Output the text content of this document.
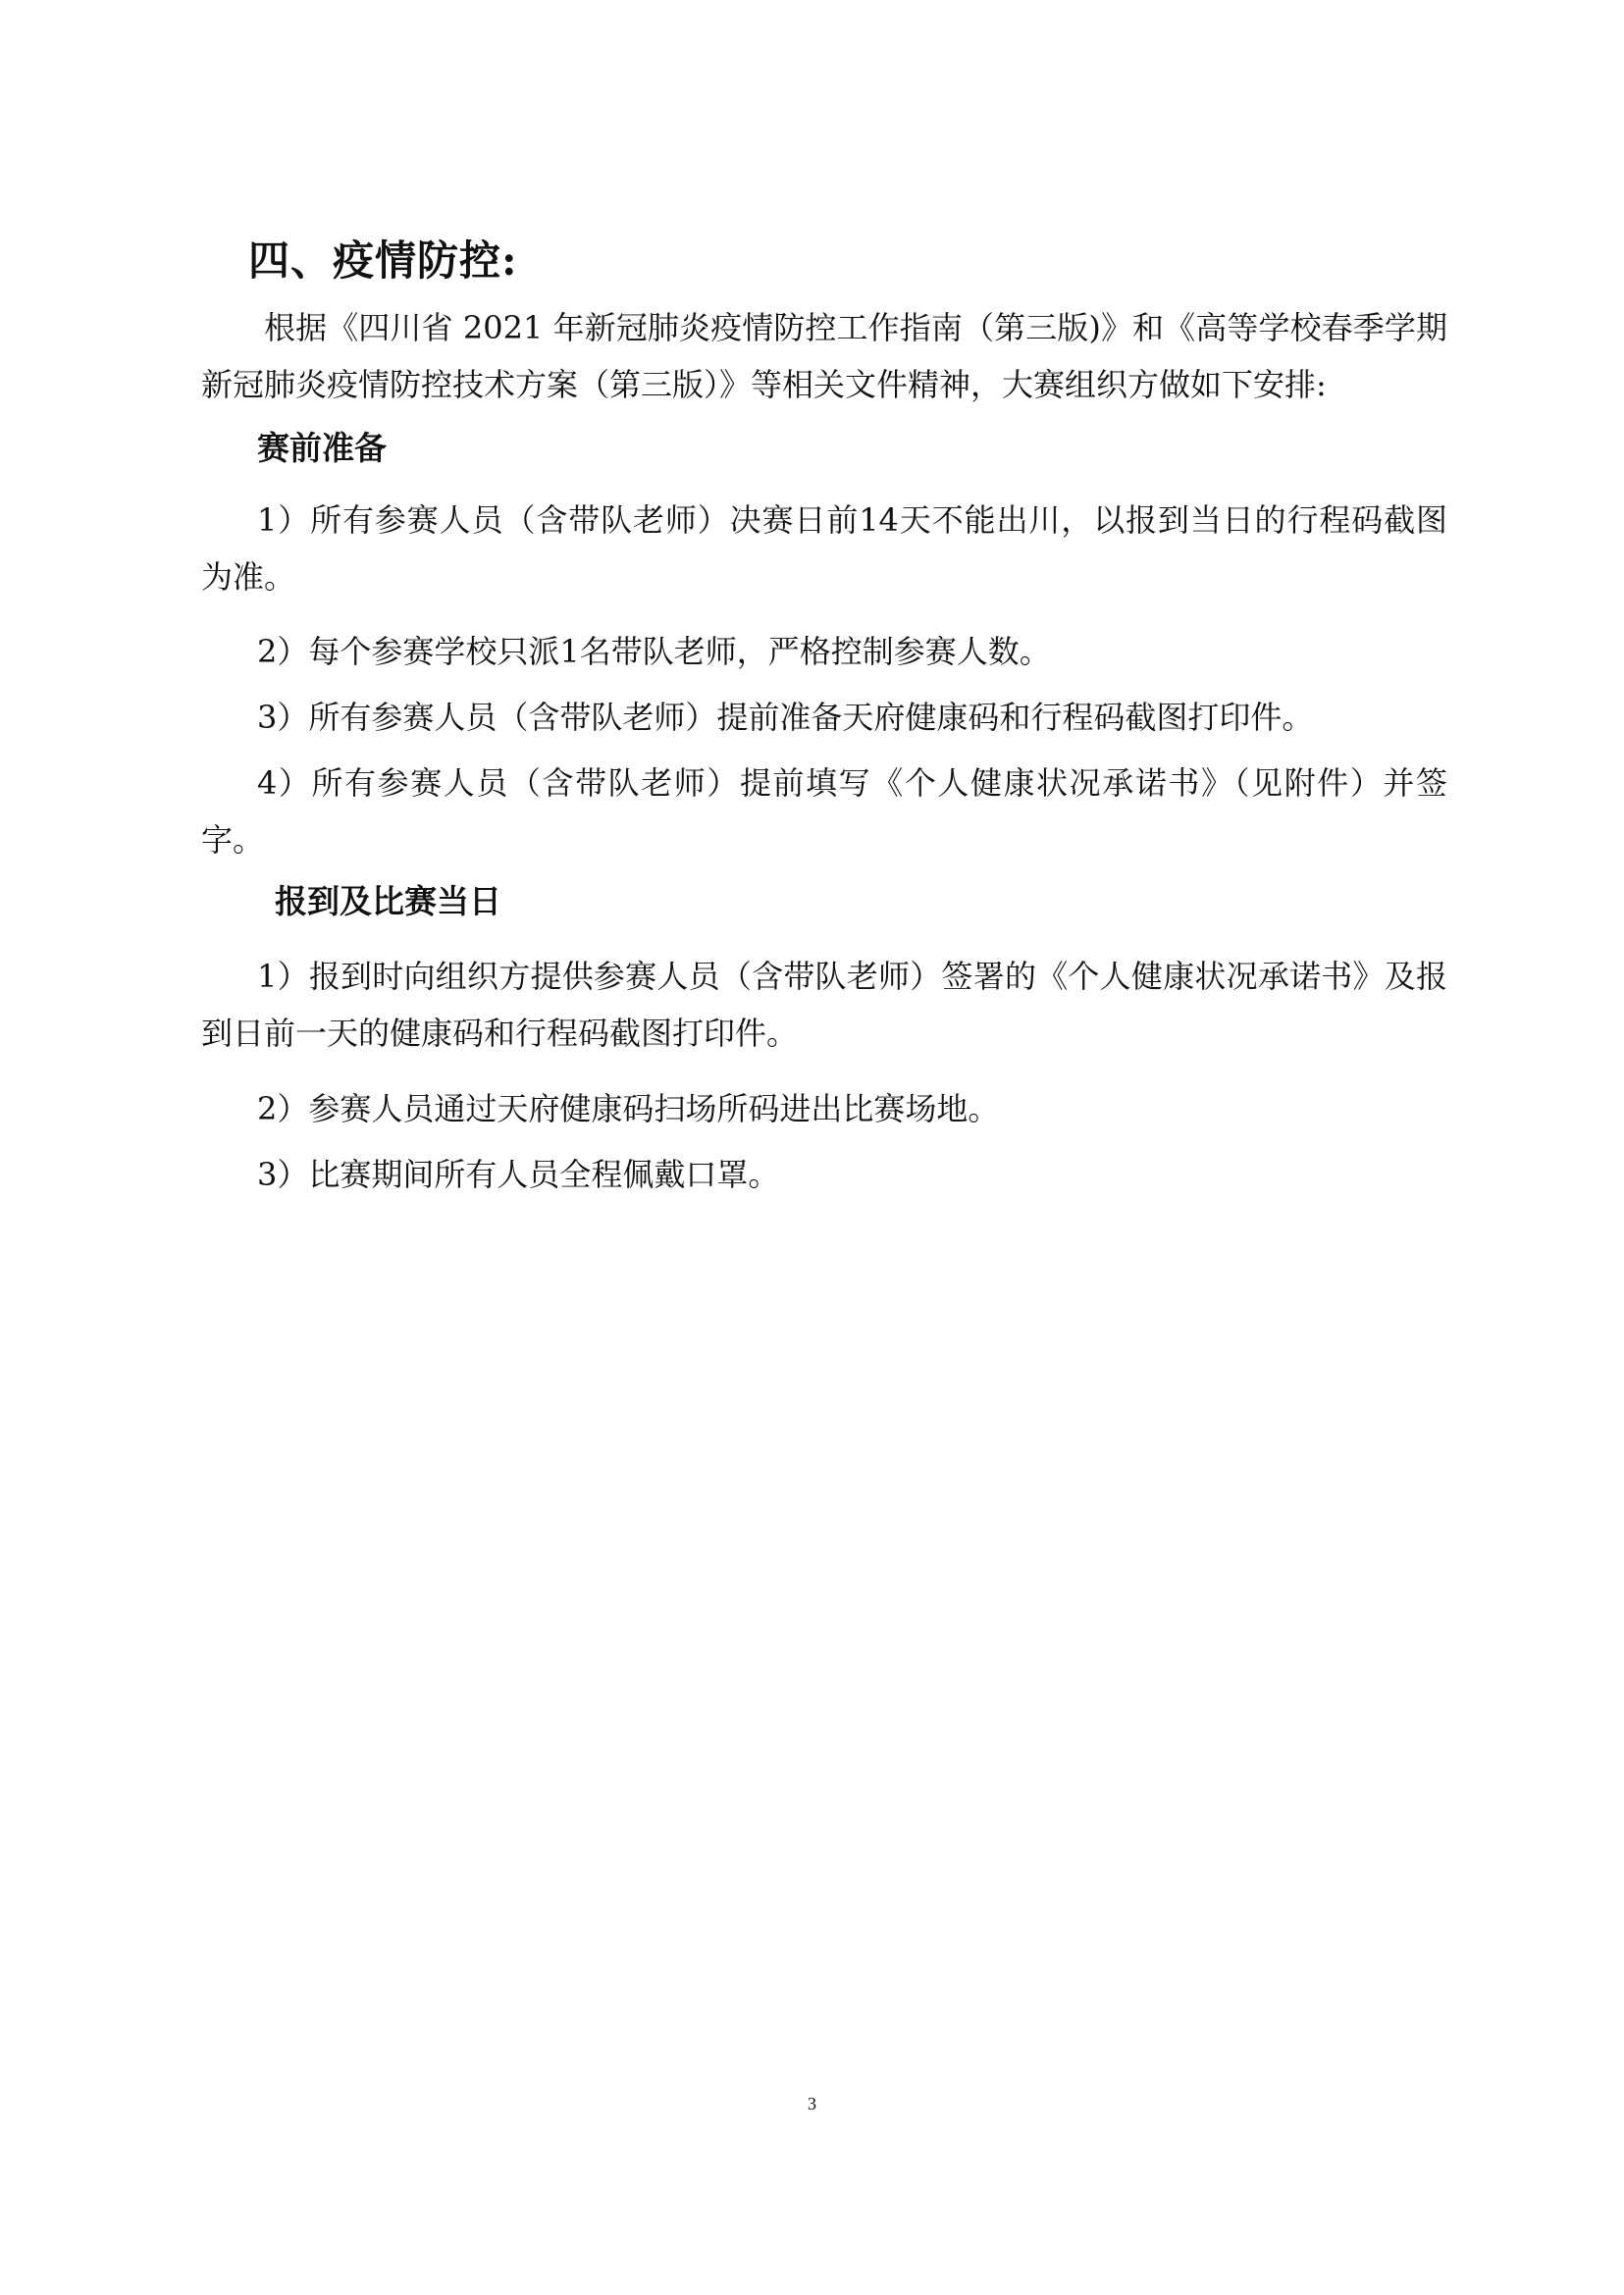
四、疫情防控:

根据《四川省 2021 年新冠肺炎疫情防控工作指南（第三版)》和《高等学校春季学期新冠肺炎疫情防控技术方案（第三版）》等相关文件精神，大赛组织方做如下安排:

赛前准备

1）所有参赛人员（含带队老师）决赛日前14天不能出川，以报到当日的行程码截图为准。

2）每个参赛学校只派1名带队老师，严格控制参赛人数。

3）所有参赛人员（含带队老师）提前准备天府健康码和行程码截图打印件。

4）所有参赛人员（含带队老师）提前填写《个人健康状况承诺书》（见附件）并签字。

报到及比赛当日

1）报到时向组织方提供参赛人员（含带队老师）签署的《个人健康状况承诺书》及报到日前一天的健康码和行程码截图打印件。

2）参赛人员通过天府健康码扫场所码进出比赛场地。

3）比赛期间所有人员全程佩戴口罩。

3
